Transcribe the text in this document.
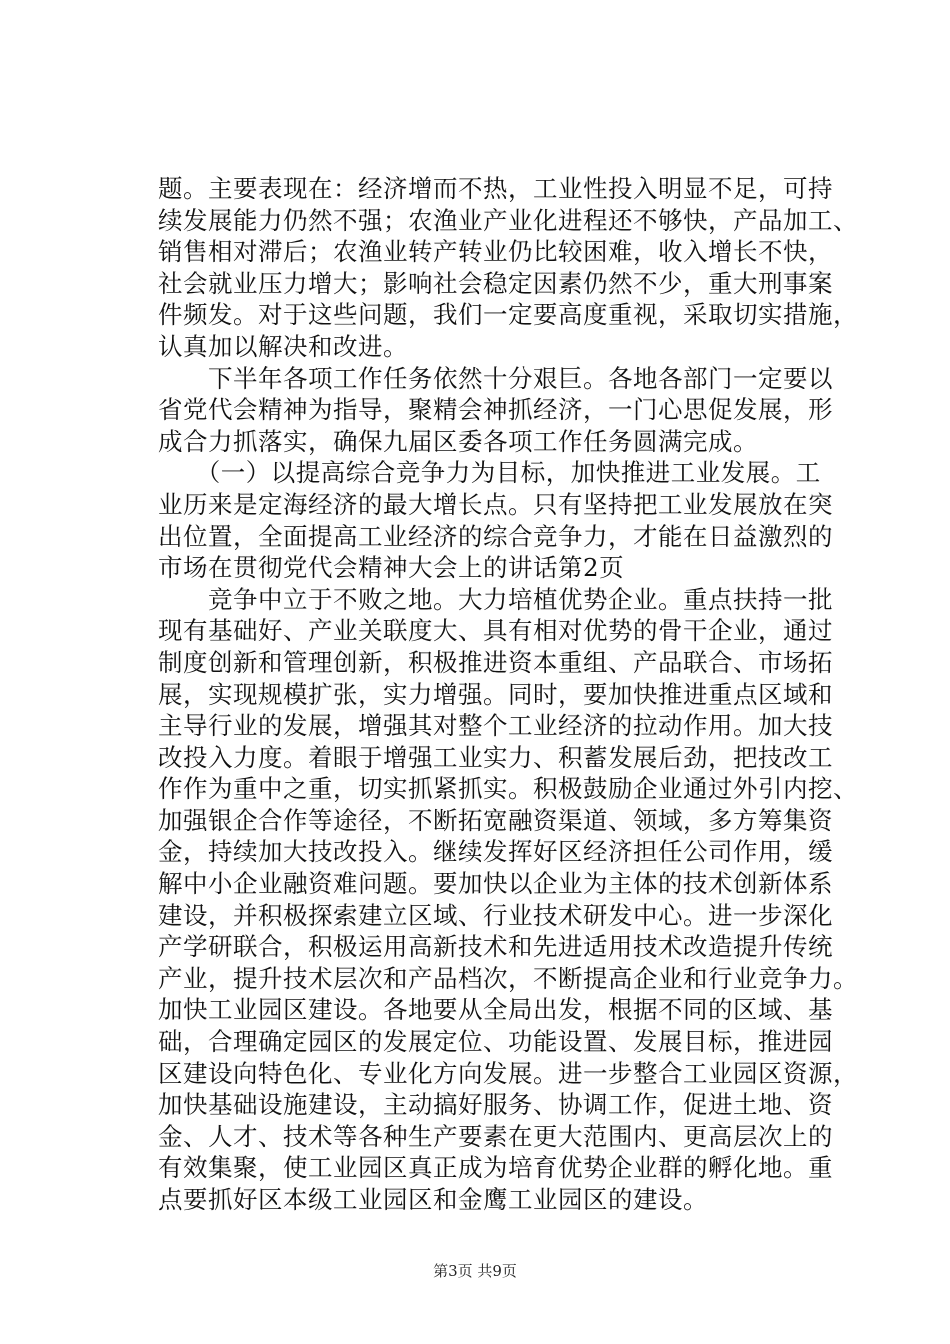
题。主要表现在：经济增而不热，工业性投入明显不足，可持
续发展能力仍然不强；农渔业产业化进程还不够快，产品加工、
销售相对滞后；农渔业转产转业仍比较困难，收入增长不快，
社会就业压力增大；影响社会稳定因素仍然不少，重大刑事案
件频发。对于这些问题，我们一定要高度重视，采取切实措施，
认真加以解决和改进。
　　下半年各项工作任务依然十分艰巨。各地各部门一定要以
省党代会精神为指导，聚精会神抓经济，一门心思促发展，形
成合力抓落实，确保九届区委各项工作任务圆满完成。
　　（一）以提高综合竞争力为目标，加快推进工业发展。工
业历来是定海经济的最大增长点。只有坚持把工业发展放在突
出位置，全面提高工业经济的综合竞争力，才能在日益激烈的
市场在贯彻党代会精神大会上的讲话第2页
　　竞争中立于不败之地。大力培植优势企业。重点扶持一批
现有基础好、产业关联度大、具有相对优势的骨干企业，通过
制度创新和管理创新，积极推进资本重组、产品联合、市场拓
展，实现规模扩张，实力增强。同时，要加快推进重点区域和
主导行业的发展，增强其对整个工业经济的拉动作用。加大技
改投入力度。着眼于增强工业实力、积蓄发展后劲，把技改工
作作为重中之重，切实抓紧抓实。积极鼓励企业通过外引内挖、
加强银企合作等途径，不断拓宽融资渠道、领域，多方筹集资
金，持续加大技改投入。继续发挥好区经济担任公司作用，缓
解中小企业融资难问题。要加快以企业为主体的技术创新体系
建设，并积极探索建立区域、行业技术研发中心。进一步深化
产学研联合，积极运用高新技术和先进适用技术改造提升传统
产业，提升技术层次和产品档次，不断提高企业和行业竞争力。
加快工业园区建设。各地要从全局出发，根据不同的区域、基
础，合理确定园区的发展定位、功能设置、发展目标，推进园
区建设向特色化、专业化方向发展。进一步整合工业园区资源，
加快基础设施建设，主动搞好服务、协调工作，促进土地、资
金、人才、技术等各种生产要素在更大范围内、更高层次上的
有效集聚，使工业园区真正成为培育优势企业群的孵化地。重
点要抓好区本级工业园区和金鹰工业园区的建设。
第3页 共9页
